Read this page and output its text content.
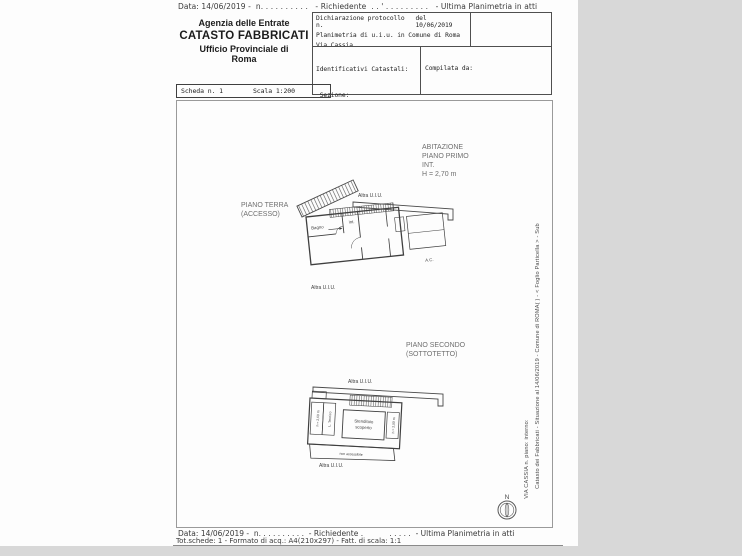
Data: 14/06/2019 -  n. . . . . . . . . .   - Richiedente  . . ' . . . . . . . . .   - Ultima Planimetria in atti
Agenzia delle Entrate
CATASTO FABBRICATI
Ufficio Provinciale di
Roma
Dichiarazione protocollo n.
del 10/06/2019
Planimetria di u.i.u. in Comune di Roma
Via Cassia

Identificativi Catastali:

Sezione:

Compilata da:

Scheda n. 1	Scala 1:200
ABITAZIONE
PIANO PRIMO
INT.
H = 2,70 m
PIANO TERRA
(ACCESSO)
PIANO SECONDO
(SOTTOTETTO)
Altra U.I.U.
Bagno
int.
A.C.
Altra U.I.U.
Altra U.I.U.
h = 2,60 m L. Tecnico	Stenditoio
scoperto	h = 2,00 m
non accessibile
Altra U.I.U.
N
Catasto dei Fabbricati - Situazione al 14/06/2019 - Comune di ROMA( ) - < Foglio Particella > - Sub
VIA CASSIA n. piano: interno:
Data: 14/06/2019 -  n. . . . . . . . . .  - Richiedente .           . . . . .  - Ultima Planimetria in atti
Tot.schede: 1 - Formato di acq.: A4(210x297) - Fatt. di scala: 1:1
